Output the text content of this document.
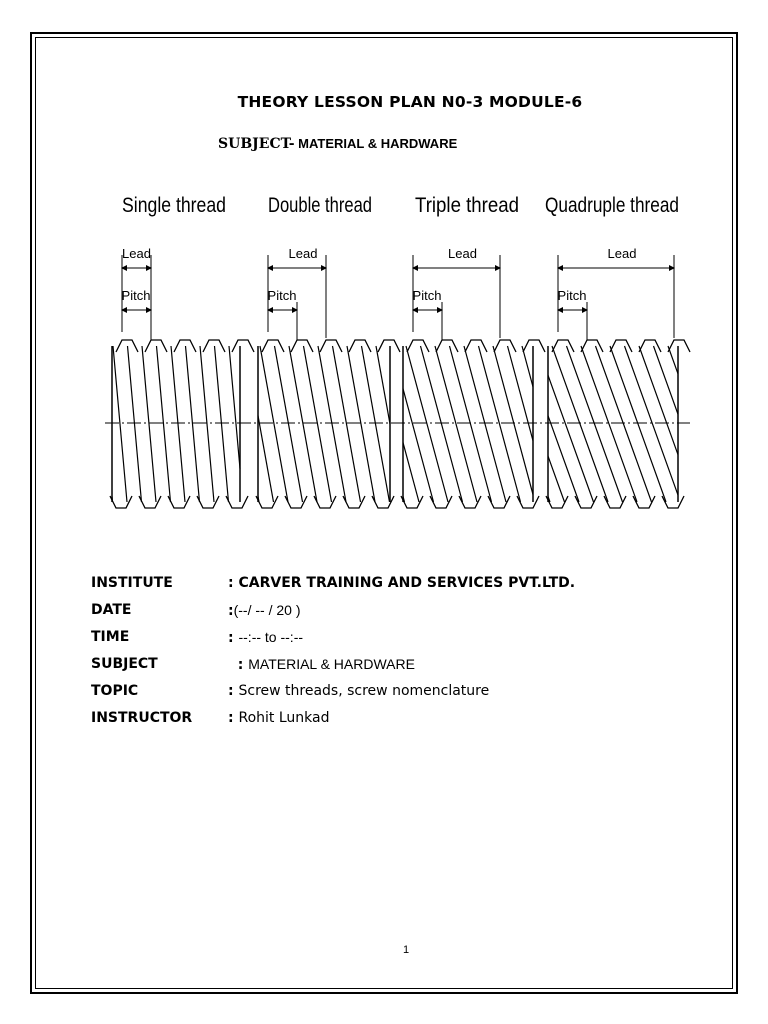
THEORY LESSON PLAN N0-3 MODULE-6
SUBJECT- MATERIAL & HARDWARE
Single thread
Lead
Pitch
Double thread
Lead
Pitch
Triple thread
Lead
Pitch
Quadruple thread
Lead
Pitch
INSTITUTE	: CARVER TRAINING AND SERVICES PVT.LTD.
DATE	:(--/ -- / 20 )
TIME	: --:-- to --:--
SUBJECT	: MATERIAL & HARDWARE
TOPIC	: Screw threads, screw nomenclature
INSTRUCTOR	: Rohit Lunkad
1
